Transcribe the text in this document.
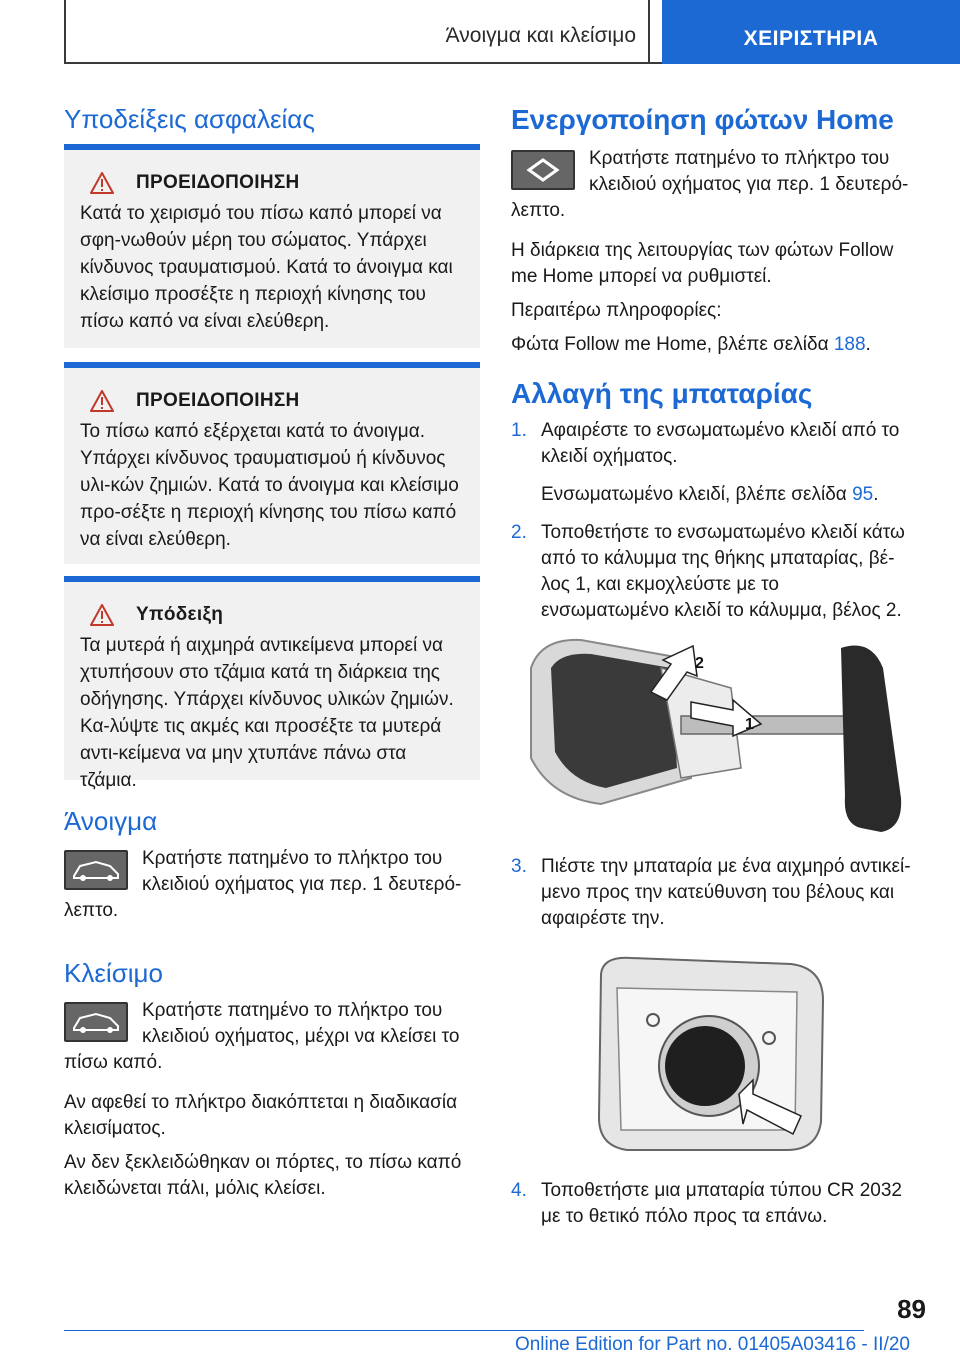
Άνοιγμα και κλείσιμο	ΧΕΙΡΙΣΤΗΡΙΑ
Υποδείξεις ασφαλείας
ΠΡΟΕΙΔΟΠΟΙΗΣΗ

Κατά το χειρισμό του πίσω καπό μπορεί να σφη-νωθούν μέρη του σώματος. Υπάρχει κίνδυνος τραυματισμού. Κατά το άνοιγμα και κλείσιμο προσέξτε η περιοχή κίνησης του πίσω καπό να είναι ελεύθερη.

ΠΡΟΕΙΔΟΠΟΙΗΣΗ

Το πίσω καπό εξέρχεται κατά το άνοιγμα. Υπάρχει κίνδυνος τραυματισμού ή κίνδυνος υλι-κών ζημιών. Κατά το άνοιγμα και κλείσιμο προ-σέξτε η περιοχή κίνησης του πίσω καπό να είναι ελεύθερη.

Υπόδειξη

Τα μυτερά ή αιχμηρά αντικείμενα μπορεί να χτυπήσουν στο τζάμια κατά τη διάρκεια της οδήγησης. Υπάρχει κίνδυνος υλικών ζημιών. Κα-λύψτε τις ακμές και προσέξτε τα μυτερά αντι-κείμενα να μην χτυπάνε πάνω στα τζάμια.

Άνοιγμα

Κρατήστε πατημένο το πλήκτρο του κλειδιού οχήματος για περ. 1 δευτερό-λεπτο.

Κλείσιμο

Κρατήστε πατημένο το πλήκτρο του κλειδιού οχήματος, μέχρι να κλείσει το πίσω καπό.

Αν αφεθεί το πλήκτρο διακόπτεται η διαδικασία κλεισίματος.

Αν δεν ξεκλειδώθηκαν οι πόρτες, το πίσω καπό κλειδώνεται πάλι, μόλις κλείσει.

Ενεργοποίηση φώτων Home

Κρατήστε πατημένο το πλήκτρο του κλειδιού οχήματος για περ. 1 δευτερό-λεπτο.

Η διάρκεια της λειτουργίας των φώτων Follow me Home μπορεί να ρυθμιστεί.

Περαιτέρω πληροφορίες:

Φώτα Follow me Home, βλέπε σελίδα 188.

Αλλαγή της μπαταρίας
1. Αφαιρέστε το ενσωματωμένο κλειδί από το κλειδί οχήματος.
Ενσωματωμένο κλειδί, βλέπε σελίδα 95.
2. Τοποθετήστε το ενσωματωμένο κλειδί κάτω από το κάλυμμα της θήκης μπαταρίας, βέ-λος 1, και εκμοχλεύστε με το ενσωματωμένο κλειδί το κάλυμμα, βέλος 2.
1
2
3. Πιέστε την μπαταρία με ένα αιχμηρό αντικεί-μενο προς την κατεύθυνση του βέλους και αφαιρέστε την.
4. Τοποθετήστε μια μπαταρία τύπου CR 2032 με το θετικό πόλο προς τα επάνω.
89
Online Edition for Part no. 01405A03416 - II/20
